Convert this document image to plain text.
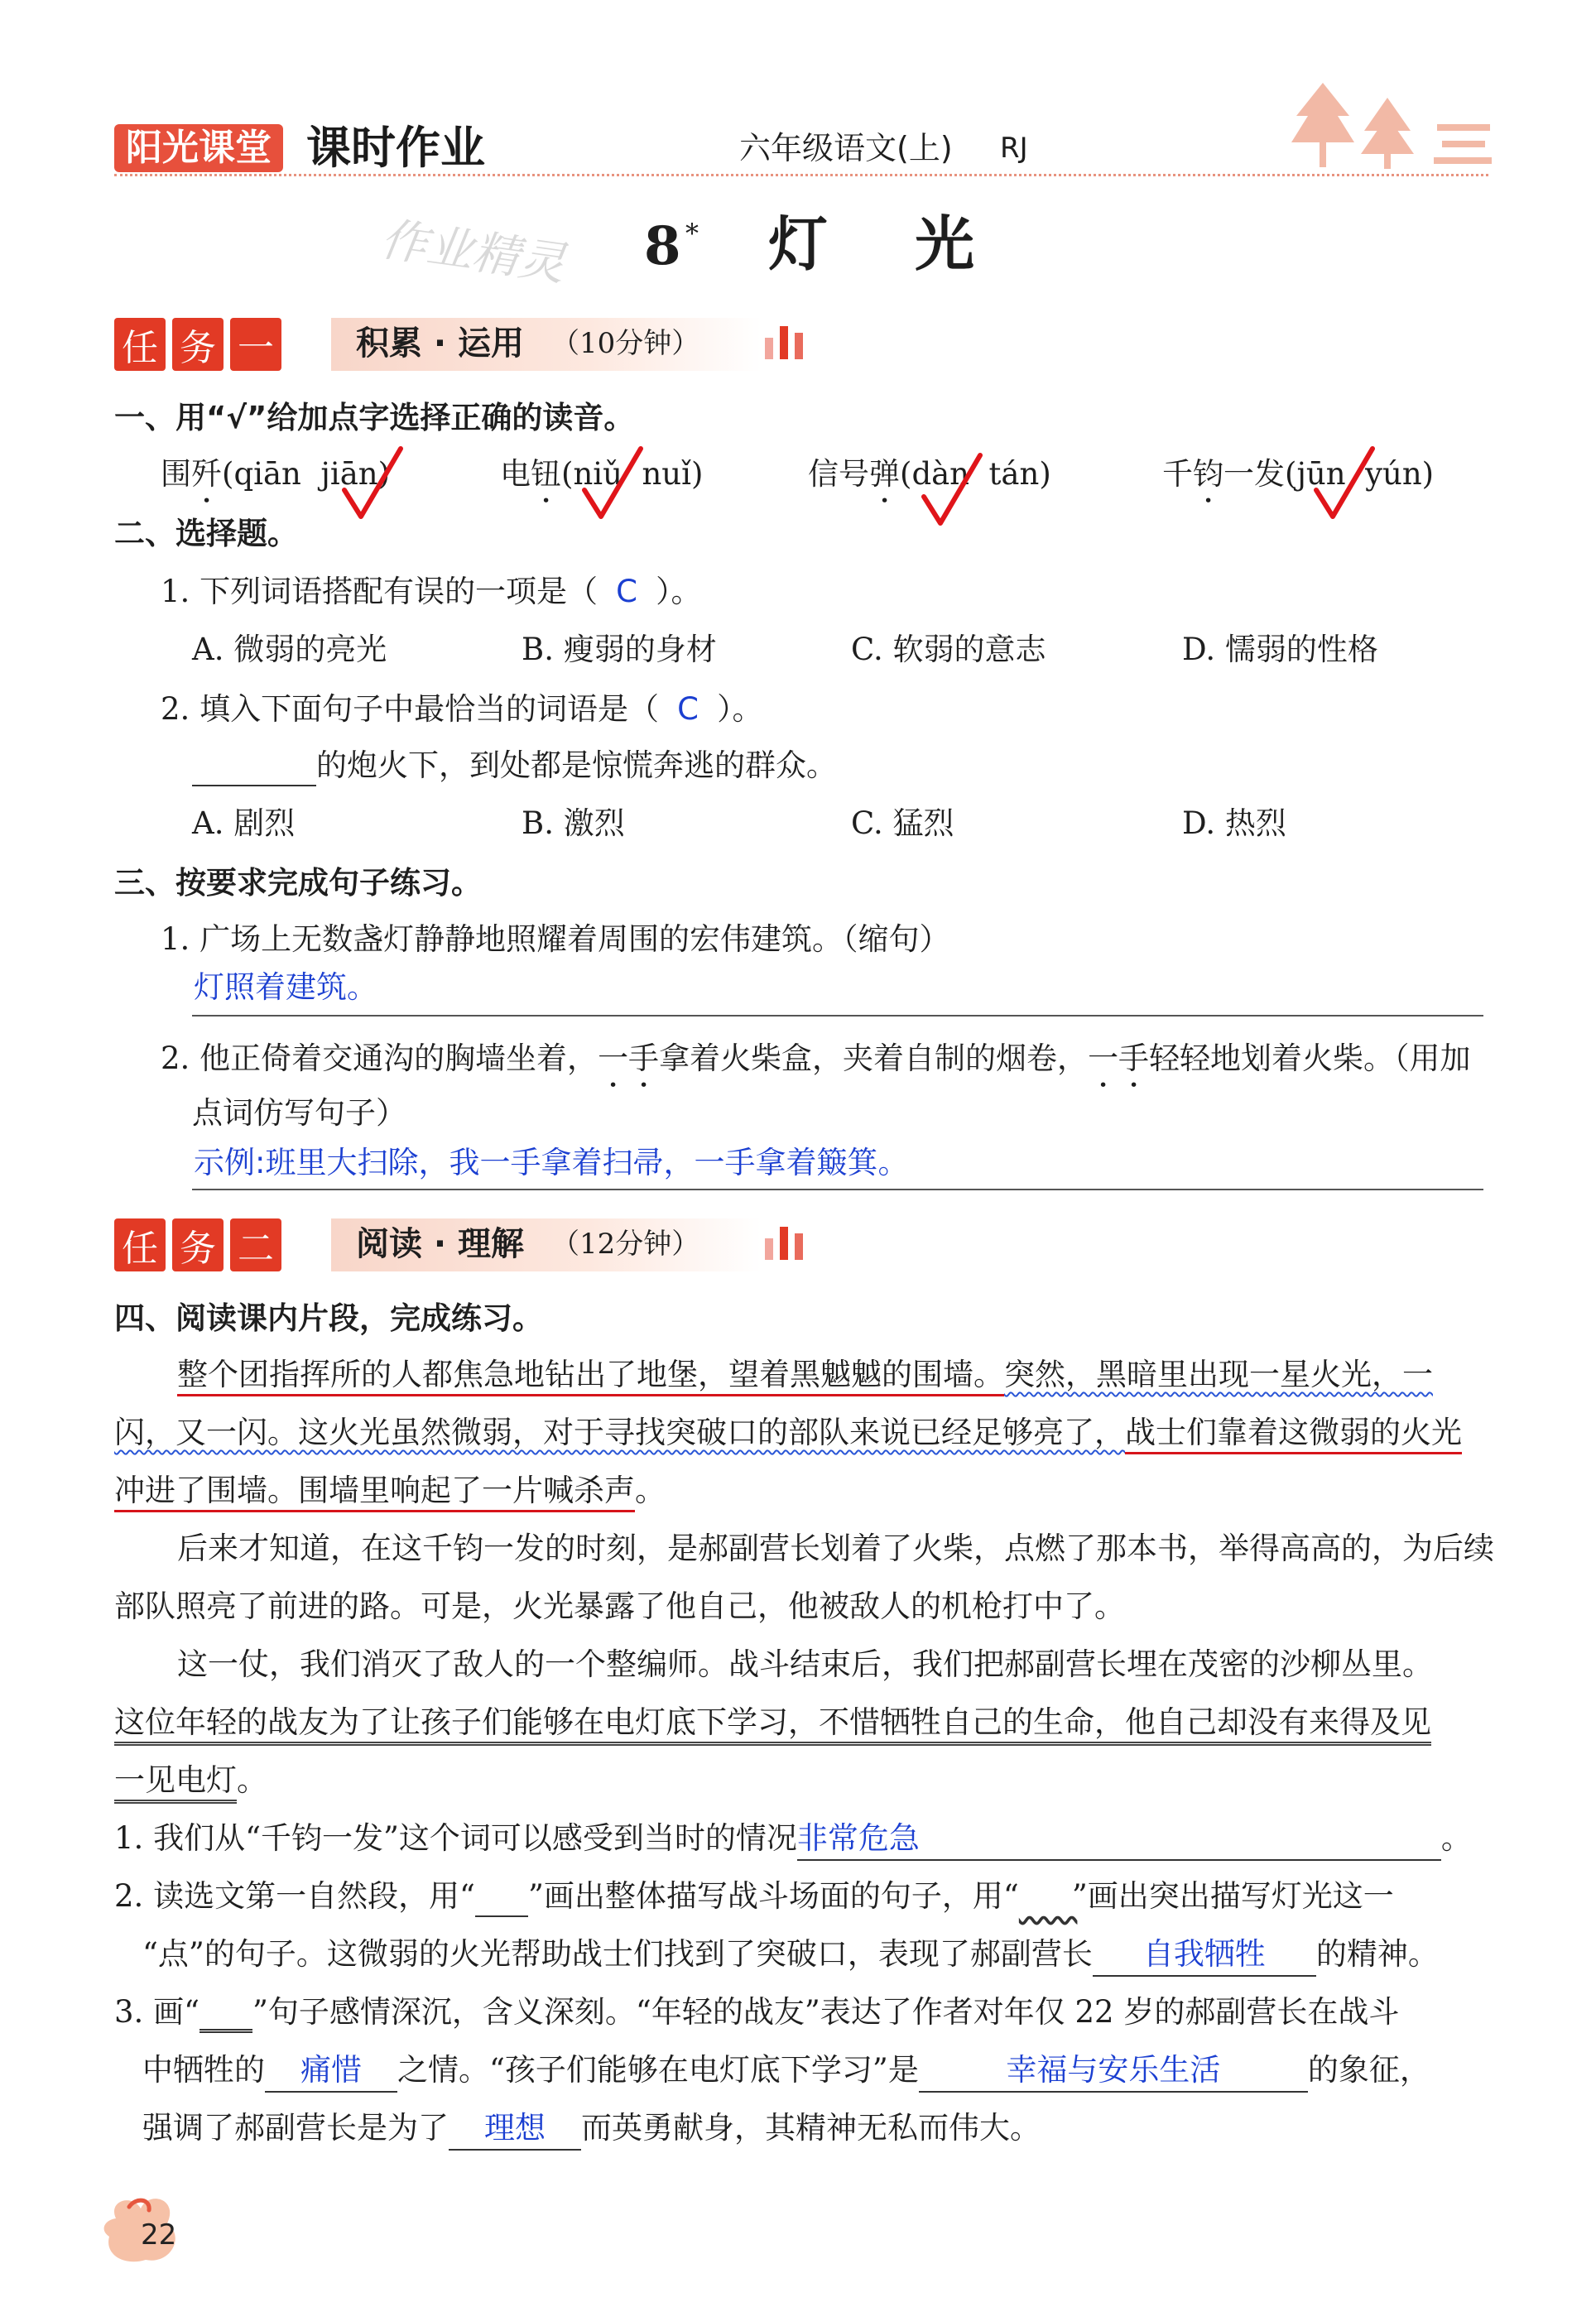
阳光课堂 课时作业	六年级语文(上) RJ
作业精灵 8 * 灯 光
任 务 一 积累 · 运用 （10分钟）
一、用“√”给加点字选择正确的读音。
围歼(qiān jiān)	电钮(niǔ nuǐ)	信号弹(dàn tán)	千钧一发(jūn yún)
二、选择题。
1. 下列词语搭配有误的一项是（ C ）。
A. 微弱的亮光	B. 瘦弱的身材	C. 软弱的意志	D. 懦弱的性格
2. 填入下面句子中最恰当的词语是（ C ）。
的炮火下，到处都是惊慌奔逃的群众。
A. 剧烈	B. 激烈	C. 猛烈	D. 热烈
三、按要求完成句子练习。
1. 广场上无数盏灯静静地照耀着周围的宏伟建筑。（缩句）
灯照着建筑。
2. 他正倚着交通沟的胸墙坐着，一手拿着火柴盒，夹着自制的烟卷，一手轻轻地划着火柴。（用加
点词仿写句子）
示例:班里大扫除，我一手拿着扫帚，一手拿着簸箕。
任 务 二 阅读 · 理解 （12分钟）
四、阅读课内片段，完成练习。
整个团指挥所的人都焦急地钻出了地堡，望着黑魆魆的围墙。突然，黑暗里出现一星火光，一
闪，又一闪。这火光虽然微弱，对于寻找突破口的部队来说已经足够亮了，战士们靠着这微弱的火光
冲进了围墙。围墙里响起了一片喊杀声。
后来才知道，在这千钧一发的时刻，是郝副营长划着了火柴，点燃了那本书，举得高高的，为后续
部队照亮了前进的路。可是，火光暴露了他自己，他被敌人的机枪打中了。
这一仗，我们消灭了敌人的一个整编师。战斗结束后，我们把郝副营长埋在茂密的沙柳丛里。
这位年轻的战友为了让孩子们能够在电灯底下学习，不惜牺牲自己的生命，他自己却没有来得及见
一见电灯。
1. 我们从“千钧一发”这个词可以感受到当时的情况非常危急	。
2. 读选文第一自然段，用“ ”画出整体描写战斗场面的句子，用“ ”画出突出描写灯光这一
“点”的句子。这微弱的火光帮助战士们找到了突破口，表现了郝副营长 自我牺牲 的精神。
3. 画“ ”句子感情深沉，含义深刻。“年轻的战友”表达了作者对年仅 22 岁的郝副营长在战斗
中牺牲的 痛惜 之情。“孩子们能够在电灯底下学习”是	幸福与安乐生活	的象征，
强调了郝副营长是为了 理想 而英勇献身，其精神无私而伟大。
22
